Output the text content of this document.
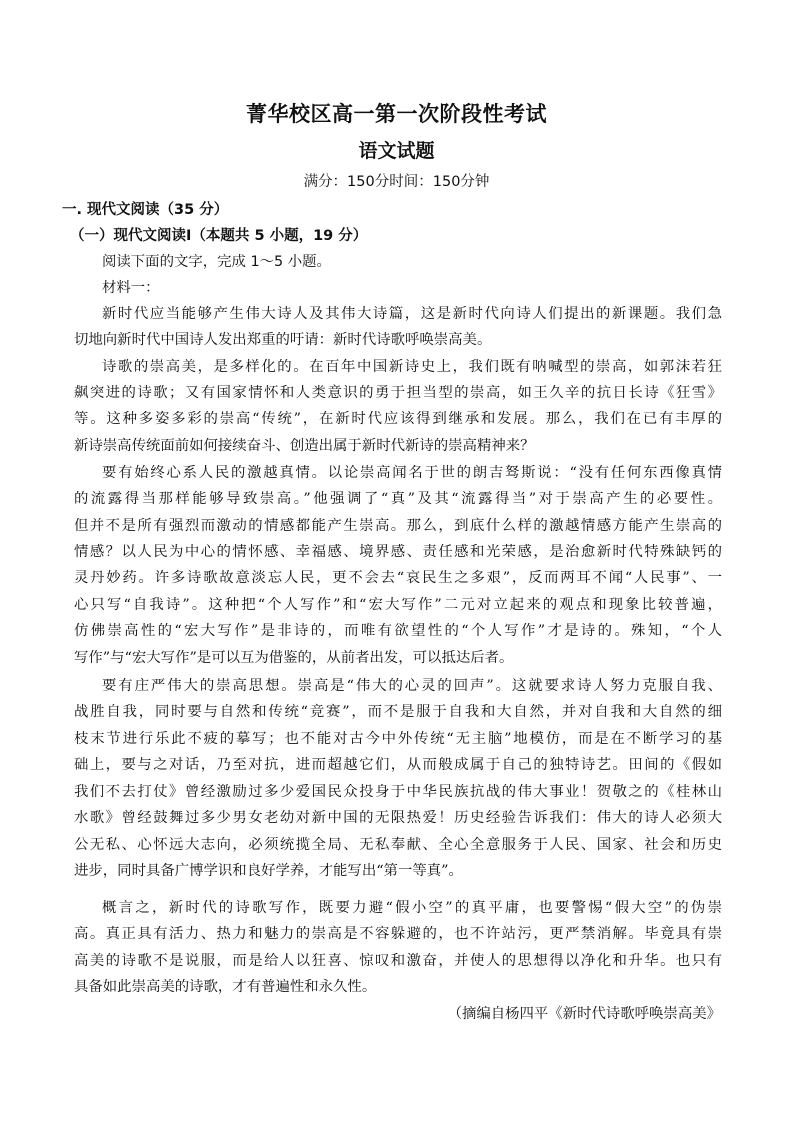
菁华校区高一第一次阶段性考试
语文试题
满分：150分时间：150分钟
一. 现代文阅读（35 分）
（一）现代文阅读Ⅰ（本题共 5 小题，19 分）
阅读下面的文字，完成 1～5 小题。
材料一：
新时代应当能够产生伟大诗人及其伟大诗篇，这是新时代向诗人们提出的新课题。我们急
切地向新时代中国诗人发出郑重的吁请：新时代诗歌呼唤崇高美。
诗歌的崇高美，是多样化的。在百年中国新诗史上，我们既有呐喊型的崇高，如郭沫若狂
飙突进的诗歌；又有国家情怀和人类意识的勇于担当型的崇高，如王久辛的抗日长诗《狂雪》
等。这种多姿多彩的崇高“传统”，在新时代应该得到继承和发展。那么，我们在已有丰厚的
新诗崇高传统面前如何接续奋斗、创造出属于新时代新诗的崇高精神来？
要有始终心系人民的激越真情。以论崇高闻名于世的朗吉驽斯说：“没有任何东西像真情
的流露得当那样能够导致崇高。”他强调了“真”及其“流露得当”对于崇高产生的必要性。
但并不是所有强烈而激动的情感都能产生崇高。那么，到底什么样的激越情感方能产生崇高的
情感？以人民为中心的情怀感、幸福感、境界感、责任感和光荣感，是治愈新时代特殊缺钙的
灵丹妙药。许多诗歌故意淡忘人民，更不会去“哀民生之多艰”，反而两耳不闻“人民事”、一
心只写“自我诗”。这种把“个人写作”和“宏大写作”二元对立起来的观点和现象比较普遍，
仿佛崇高性的“宏大写作”是非诗的，而唯有欲望性的“个人写作”才是诗的。殊知，“个人
写作”与“宏大写作”是可以互为借鉴的，从前者出发，可以抵达后者。
要有庄严伟大的崇高思想。崇高是“伟大的心灵的回声”。这就要求诗人努力克服自我、
战胜自我，同时要与自然和传统“竞赛”，而不是服于自我和大自然，并对自我和大自然的细
枝末节进行乐此不疲的摹写；也不能对古今中外传统“无主脑”地模仿，而是在不断学习的基
础上，要与之对话，乃至对抗，进而超越它们，从而般成属于自己的独特诗艺。田间的《假如
我们不去打仗》曾经激励过多少爱国民众投身于中华民族抗战的伟大事业！贺敬之的《桂林山
水歌》曾经鼓舞过多少男女老幼对新中国的无限热爱！历史经验告诉我们：伟大的诗人必须大
公无私、心怀远大志向，必须统揽全局、无私奉献、全心全意服务于人民、国家、社会和历史
进步，同时具备广博学识和良好学养，才能写出“第一等真”。
概言之，新时代的诗歌写作，既要力避“假小空”的真平庸，也要警惕“假大空”的伪崇
高。真正具有活力、热力和魅力的崇高是不容躲避的，也不许站污，更严禁消解。毕竟具有崇
高美的诗歌不是说服，而是给人以狂喜、惊叹和激奋，并使人的思想得以净化和升华。也只有
具备如此崇高美的诗歌，才有普遍性和永久性。
（摘编自杨四平《新时代诗歌呼唤崇高美》
